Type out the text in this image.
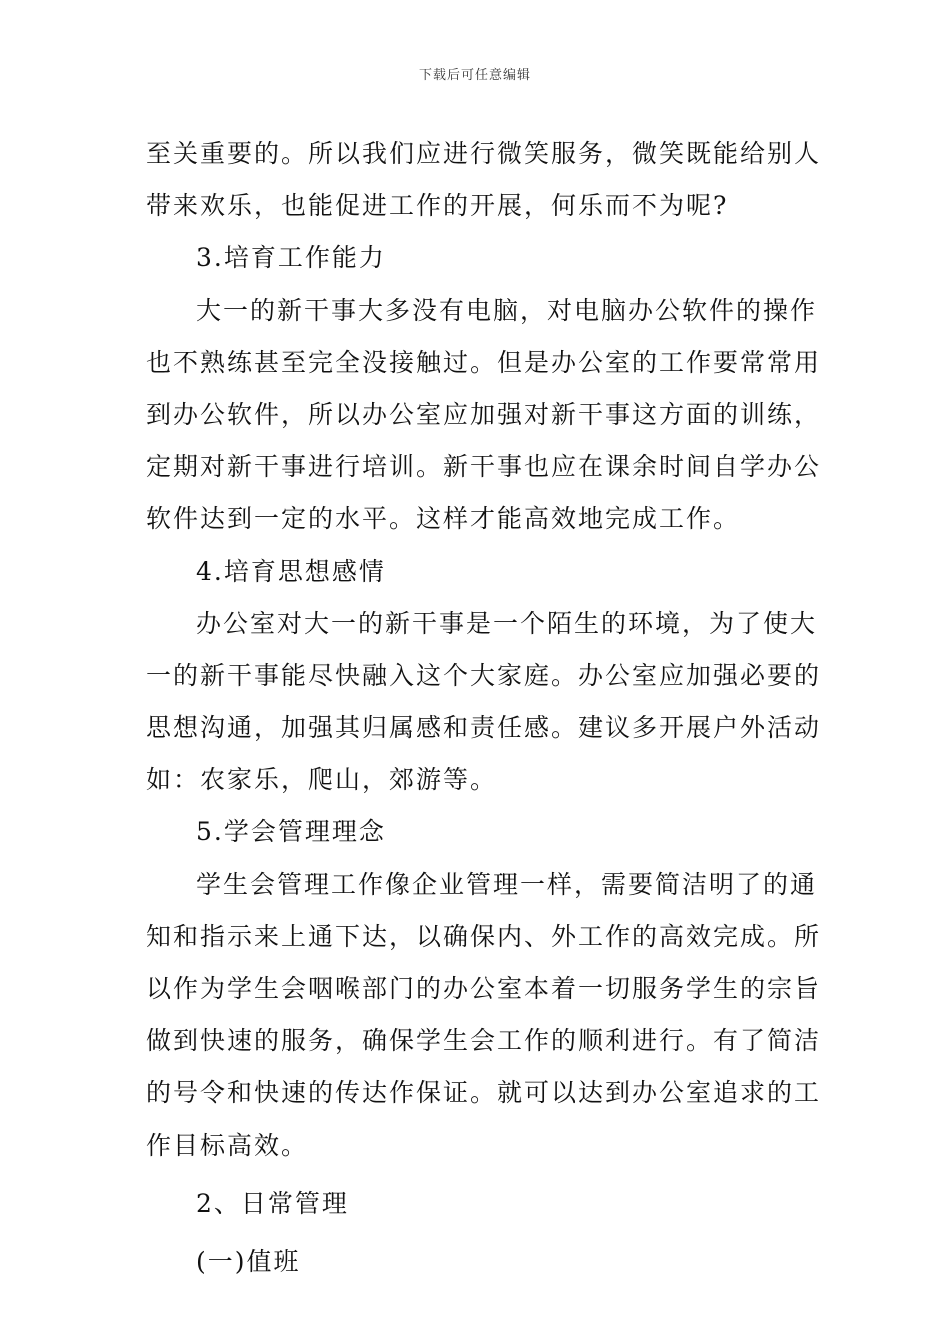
下载后可任意编辑
至关重要的。所以我们应进行微笑服务，微笑既能给别人
带来欢乐，也能促进工作的开展，何乐而不为呢?
3.培育工作能力
大一的新干事大多没有电脑，对电脑办公软件的操作
也不熟练甚至完全没接触过。但是办公室的工作要常常用
到办公软件，所以办公室应加强对新干事这方面的训练，
定期对新干事进行培训。新干事也应在课余时间自学办公
软件达到一定的水平。这样才能高效地完成工作。
4.培育思想感情
办公室对大一的新干事是一个陌生的环境，为了使大
一的新干事能尽快融入这个大家庭。办公室应加强必要的
思想沟通，加强其归属感和责任感。建议多开展户外活动
如：农家乐，爬山，郊游等。
5.学会管理理念
学生会管理工作像企业管理一样，需要简洁明了的通
知和指示来上通下达，以确保内、外工作的高效完成。所
以作为学生会咽喉部门的办公室本着一切服务学生的宗旨
做到快速的服务，确保学生会工作的顺利进行。有了简洁
的号令和快速的传达作保证。就可以达到办公室追求的工
作目标高效。
2、日常管理
(一)值班
